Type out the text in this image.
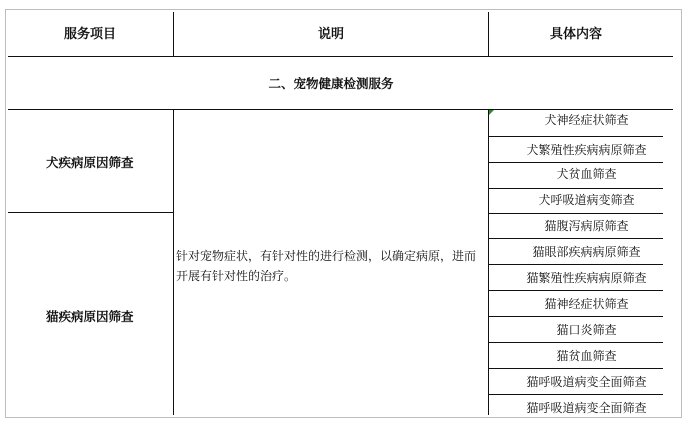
服务项目	说明	具体内容
二、宠物健康检测服务
犬疾病原因筛查
猫疾病原因筛查
针对宠物症状，有针对性的进行检测，以确定病原，进而开展有针对性的治疗。
犬神经症状筛查
犬繁殖性疾病病原筛查
犬贫血筛查
犬呼吸道病变筛查
猫腹泻病原筛查
猫眼部疾病病原筛查
猫繁殖性疾病病原筛查
猫神经症状筛查
猫口炎筛查
猫贫血筛查
猫呼吸道病变全面筛查
猫呼吸道病变全面筛查
